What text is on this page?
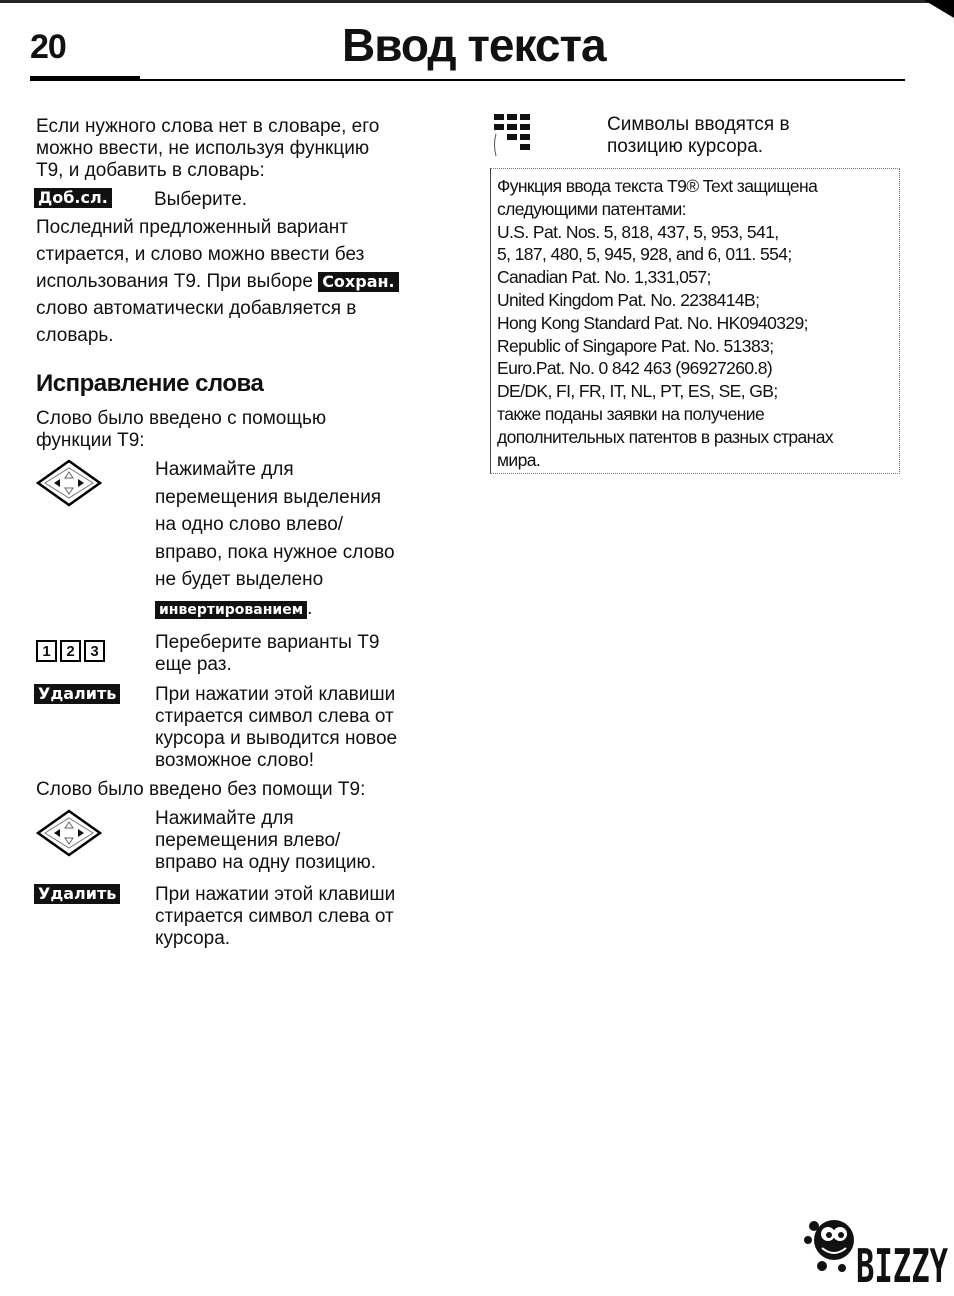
20	Ввод текста
Если нужного слова нет в словаре, его
можно ввести, не используя функцию
Т9, и добавить в словарь:
Доб.сл. Выберите.
Последний предложенный вариант
стирается, и слово можно ввести без
использования Т9. При выборе Сохран.
слово автоматически добавляется в
словарь.
Исправление слова
Слово было введено с помощью
функции Т9:
Нажимайте для
перемещения выделения
на одно слово влево/
вправо, пока нужное слово
не будет выделено
инвертированием .
1	2	3	Переберите варианты Т9
еще раз.
Удалить При нажатии этой клавиши
стирается символ слева от
курсора и выводится новое
возможное слово!
Слово было введено без помощи Т9:
Нажимайте для
перемещения влево/
вправо на одну позицию.
Удалить При нажатии этой клавиши
стирается символ слева от
курсора.
Символы вводятся в
позицию курсора.
Функция ввода текста Т9® Text защищена
следующими патентами:
U.S. Pat. Nos. 5, 818, 437, 5, 953, 541,
5, 187, 480, 5, 945, 928, and 6, 011. 554;
Canadian Pat. No. 1,331,057;
United Kingdom Pat. No. 2238414B;
Hong Kong Standard Pat. No. HK0940329;
Republic of Singapore Pat. No. 51383;
Euro.Pat. No. 0 842 463 (96927260.8)
DE/DK, FI, FR, IT, NL, PT, ES, SE, GB;
также поданы заявки на получение
дополнительных патентов в разных странах
мира.
BIZZY
